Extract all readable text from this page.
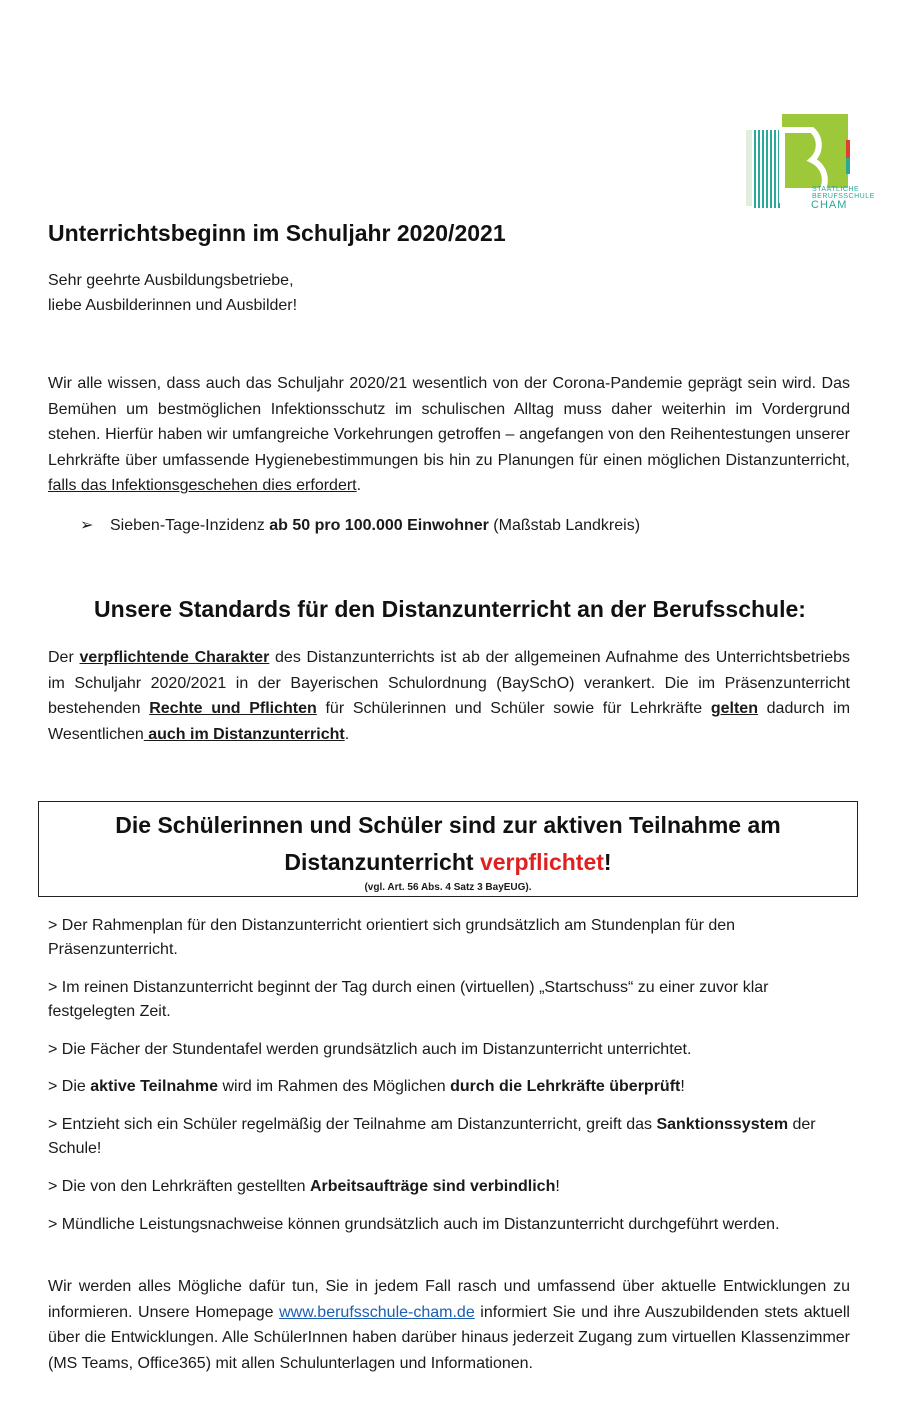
STAATLICHE
BERUFSSCHULE
CHAM
Unterrichtsbeginn im Schuljahr 2020/2021
Sehr geehrte Ausbildungsbetriebe,
liebe Ausbilderinnen und Ausbilder!
Wir alle wissen, dass auch das Schuljahr 2020/21 wesentlich von der Corona-Pandemie geprägt sein wird. Das Bemühen um bestmöglichen Infektionsschutz im schulischen Alltag muss daher weiterhin im Vordergrund stehen. Hierfür haben wir umfangreiche Vorkehrungen getroffen – angefangen von den Reihentestungen unserer Lehrkräfte über umfassende Hygienebestimmungen bis hin zu Planungen für einen möglichen Distanzunterricht, falls das Infektionsgeschehen dies erfordert.
➢ Sieben-Tage-Inzidenz ab 50 pro 100.000 Einwohner (Maßstab Landkreis)
Unsere Standards für den Distanzunterricht an der Berufsschule:
Der verpflichtende Charakter des Distanzunterrichts ist ab der allgemeinen Aufnahme des Unterrichtsbetriebs im Schuljahr 2020/2021 in der Bayerischen Schulordnung (BaySchO) verankert. Die im Präsenzunterricht bestehenden Rechte und Pflichten für Schülerinnen und Schüler sowie für Lehrkräfte gelten dadurch im Wesentlichen auch im Distanzunterricht.
Die Schülerinnen und Schüler sind zur aktiven Teilnahme am
Distanzunterricht verpflichtet!
(vgl. Art. 56 Abs. 4 Satz 3 BayEUG).
> Der Rahmenplan für den Distanzunterricht orientiert sich grundsätzlich am Stundenplan für den Präsenzunterricht.
> Im reinen Distanzunterricht beginnt der Tag durch einen (virtuellen) „Startschuss“ zu einer zuvor klar festgelegten Zeit.
> Die Fächer der Stundentafel werden grundsätzlich auch im Distanzunterricht unterrichtet.
> Die aktive Teilnahme wird im Rahmen des Möglichen durch die Lehrkräfte überprüft!
> Entzieht sich ein Schüler regelmäßig der Teilnahme am Distanzunterricht, greift das Sanktionssystem der Schule!
> Die von den Lehrkräften gestellten Arbeitsaufträge sind verbindlich!
> Mündliche Leistungsnachweise können grundsätzlich auch im Distanzunterricht durchgeführt werden.
Wir werden alles Mögliche dafür tun, Sie in jedem Fall rasch und umfassend über aktuelle Entwicklungen zu informieren. Unsere Homepage www.berufsschule-cham.de informiert Sie und ihre Auszubildenden stets aktuell über die Entwicklungen. Alle SchülerInnen haben darüber hinaus jederzeit Zugang zum virtuellen Klassenzimmer (MS Teams, Office365) mit allen Schulunterlagen und Informationen.
